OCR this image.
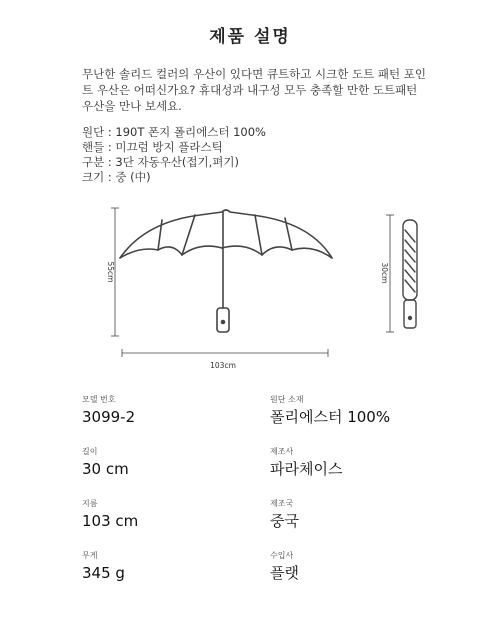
제품 설명

무난한 솔리드 컬러의 우산이 있다면 큐트하고 시크한 도트 패턴 포인

트 우산은 어떠신가요? 휴대성과 내구성 모두 충족할 만한 도트패턴

우산을 만나 보세요.

원단 : 190T 폰지 폴리에스터 100%
핸들 : 미끄럼 방지 플라스틱
구분 : 3단 자동우산(접기,펴기)
크기 : 중 (中)
55cm
103cm
30cm
모델 번호
3099-2
원단 소재
폴리에스터 100%
길이
30 cm
제조사
파라체이스
지름
103 cm
제조국
중국
무게
345 g
수입사
플랫
